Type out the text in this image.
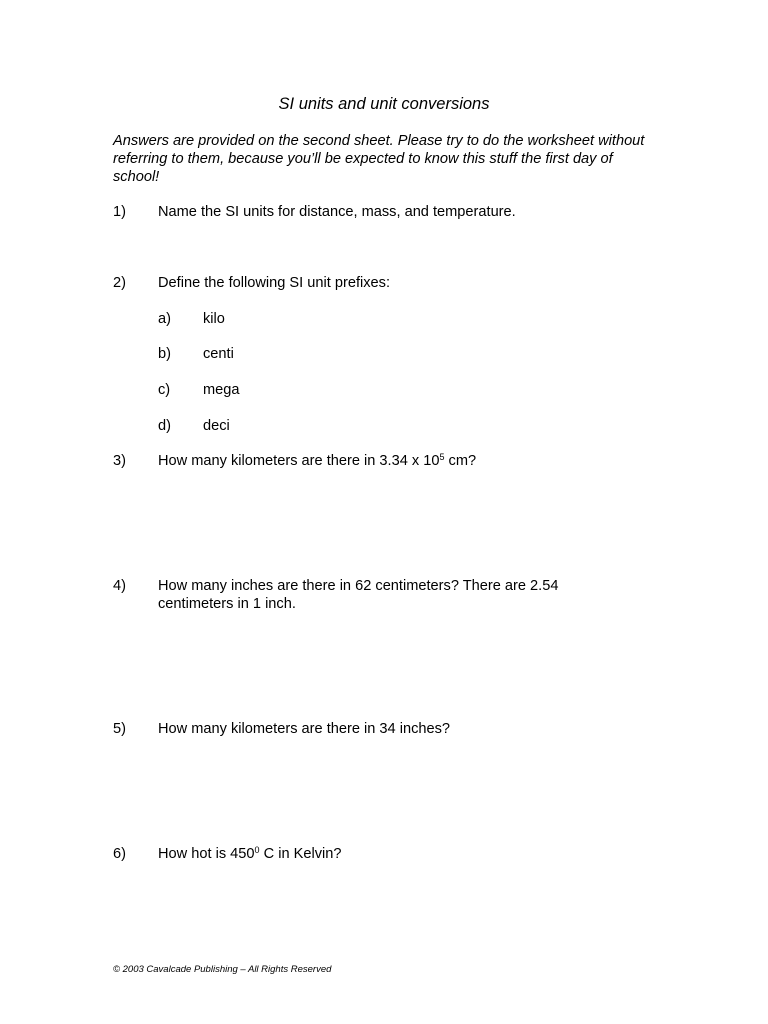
SI units and unit conversions
Answers are provided on the second sheet. Please try to do the worksheet without referring to them, because you’ll be expected to know this stuff the first day of school!
1) Name the SI units for distance, mass, and temperature.
2) Define the following SI unit prefixes:
a) kilo
b) centi
c) mega
d) deci
3) How many kilometers are there in 3.34 x $10^5$ cm?
4) How many inches are there in 62 centimeters? There are 2.54 centimeters in 1 inch.
5) How many kilometers are there in 34 inches?
6) How hot is $450^0$ C in Kelvin?
© 2003 Cavalcade Publishing – All Rights Reserved
